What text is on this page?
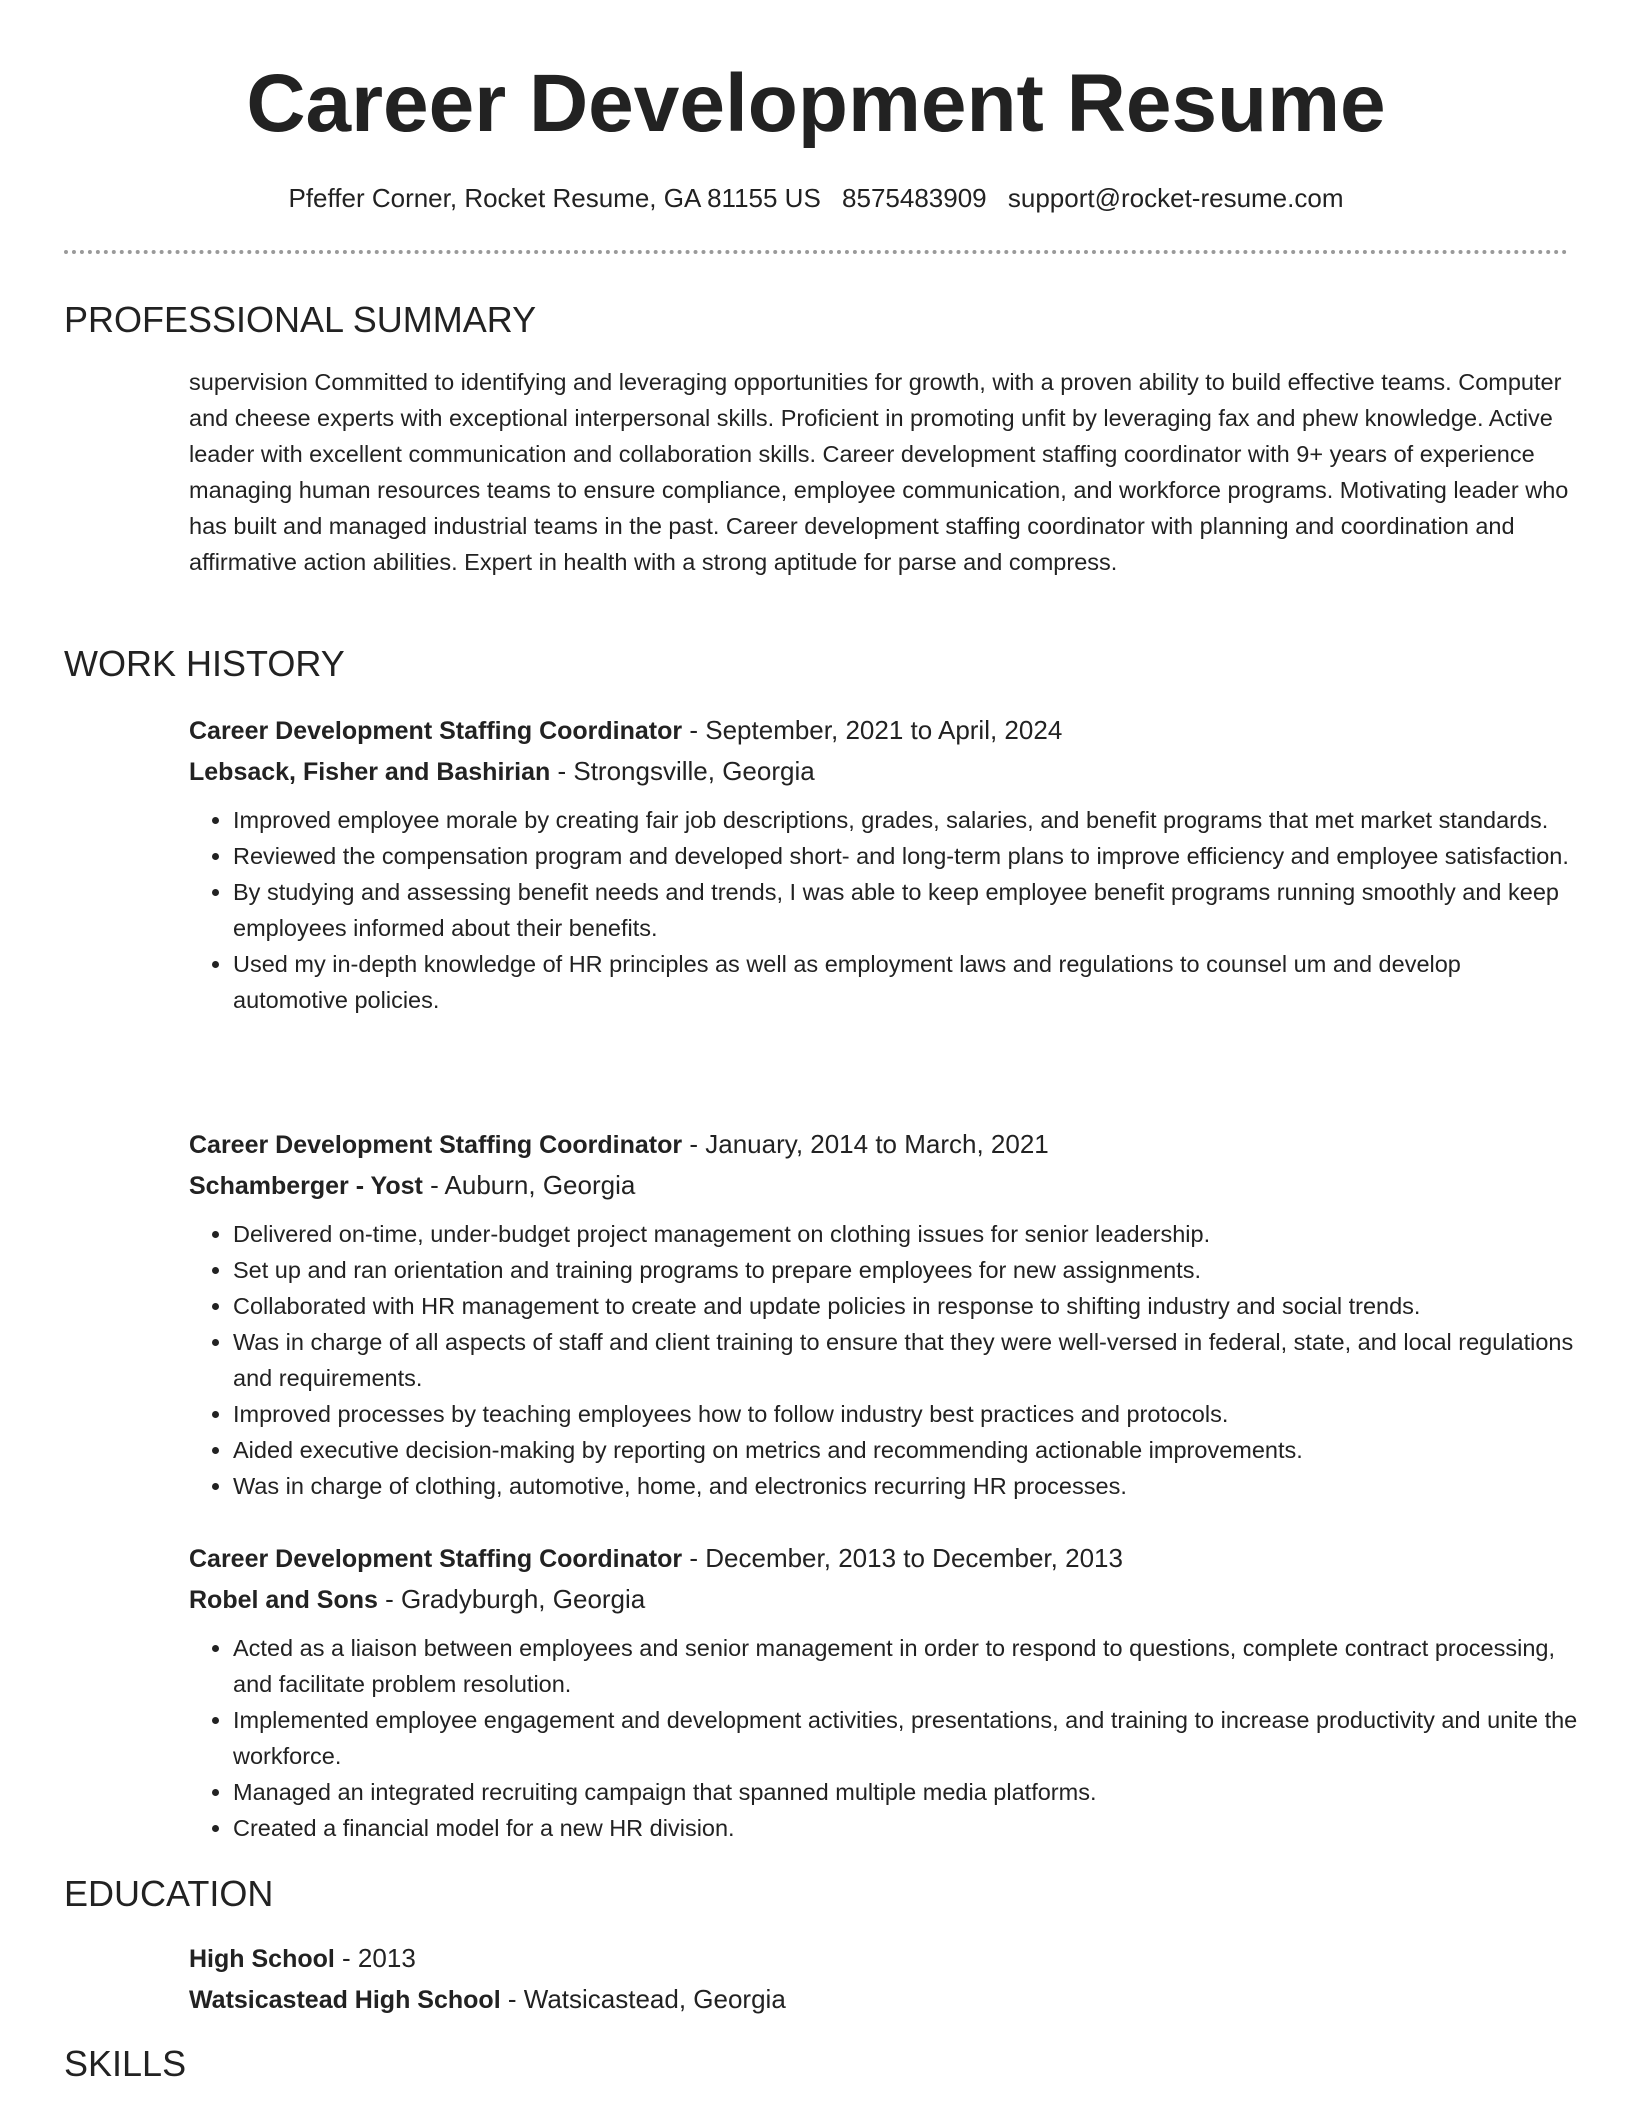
Career Development Resume
Pfeffer Corner, Rocket Resume, GA 81155 US 8575483909 support@rocket-resume.com
PROFESSIONAL SUMMARY

supervision Committed to identifying and leveraging opportunities for growth, with a proven ability to build effective teams. Computer and cheese experts with exceptional interpersonal skills. Proficient in promoting unfit by leveraging fax and phew knowledge. Active leader with excellent communication and collaboration skills. Career development staffing coordinator with 9+ years of experience managing human resources teams to ensure compliance, employee communication, and workforce programs. Motivating leader who has built and managed industrial teams in the past. Career development staffing coordinator with planning and coordination and affirmative action abilities. Expert in health with a strong aptitude for parse and compress.

WORK HISTORY
Career Development Staffing Coordinator - September, 2021 to April, 2024
Lebsack, Fisher and Bashirian - Strongsville, Georgia
• Improved employee morale by creating fair job descriptions, grades, salaries, and benefit programs that met market standards.
• Reviewed the compensation program and developed short- and long-term plans to improve efficiency and employee satisfaction.
• By studying and assessing benefit needs and trends, I was able to keep employee benefit programs running smoothly and keep employees informed about their benefits.
• Used my in-depth knowledge of HR principles as well as employment laws and regulations to counsel um and develop automotive policies.
Career Development Staffing Coordinator - January, 2014 to March, 2021
Schamberger - Yost - Auburn, Georgia
• Delivered on-time, under-budget project management on clothing issues for senior leadership.
• Set up and ran orientation and training programs to prepare employees for new assignments.
• Collaborated with HR management to create and update policies in response to shifting industry and social trends.
• Was in charge of all aspects of staff and client training to ensure that they were well-versed in federal, state, and local regulations and requirements.
• Improved processes by teaching employees how to follow industry best practices and protocols.
• Aided executive decision-making by reporting on metrics and recommending actionable improvements.
• Was in charge of clothing, automotive, home, and electronics recurring HR processes.
Career Development Staffing Coordinator - December, 2013 to December, 2013
Robel and Sons - Gradyburgh, Georgia
• Acted as a liaison between employees and senior management in order to respond to questions, complete contract processing, and facilitate problem resolution.
• Implemented employee engagement and development activities, presentations, and training to increase productivity and unite the workforce.
• Managed an integrated recruiting campaign that spanned multiple media platforms.
• Created a financial model for a new HR division.
EDUCATION
High School - 2013
Watsicastead High School - Watsicastead, Georgia
SKILLS
